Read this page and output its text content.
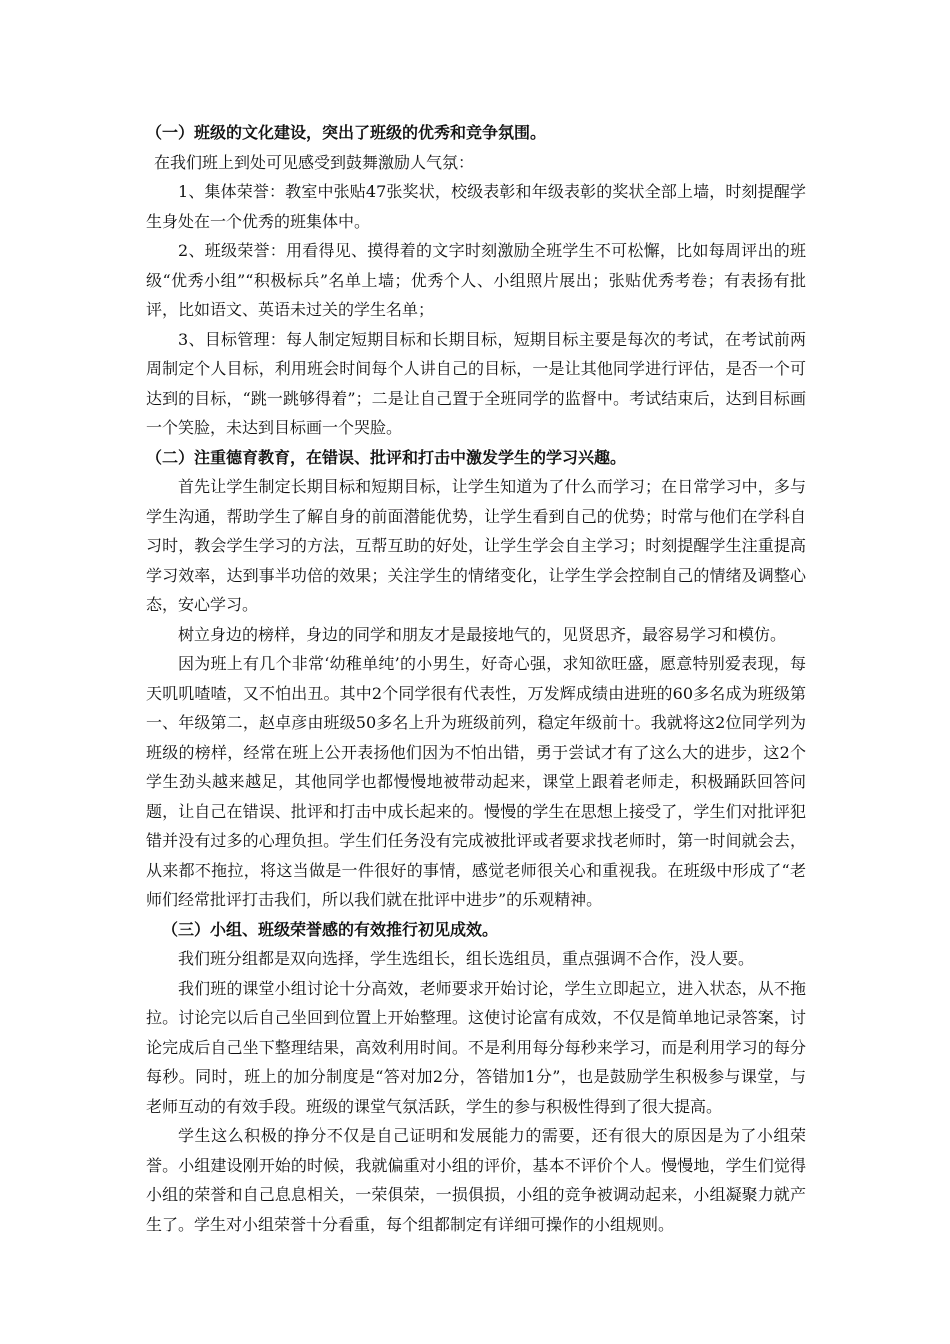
（一）班级的文化建设，突出了班级的优秀和竞争氛围。

在我们班上到处可见感受到鼓舞激励人气氛：

1、集体荣誉：教室中张贴47张奖状，校级表彰和年级表彰的奖状全部上墙，时刻提醒学生身处在一个优秀的班集体中。

2、班级荣誉：用看得见、摸得着的文字时刻激励全班学生不可松懈，比如每周评出的班级“优秀小组”“积极标兵”名单上墙；优秀个人、小组照片展出；张贴优秀考卷；有表扬有批评，比如语文、英语未过关的学生名单；

3、目标管理：每人制定短期目标和长期目标，短期目标主要是每次的考试，在考试前两周制定个人目标，利用班会时间每个人讲自己的目标，一是让其他同学进行评估，是否一个可达到的目标，“跳一跳够得着”；二是让自己置于全班同学的监督中。考试结束后，达到目标画一个笑脸，未达到目标画一个哭脸。

（二）注重德育教育，在错误、批评和打击中激发学生的学习兴趣。

首先让学生制定长期目标和短期目标，让学生知道为了什么而学习；在日常学习中，多与学生沟通，帮助学生了解自身的前面潜能优势，让学生看到自己的优势；时常与他们在学科自习时，教会学生学习的方法，互帮互助的好处，让学生学会自主学习；时刻提醒学生注重提高学习效率，达到事半功倍的效果；关注学生的情绪变化，让学生学会控制自己的情绪及调整心态，安心学习。

树立身边的榜样，身边的同学和朋友才是最接地气的，见贤思齐，最容易学习和模仿。

因为班上有几个非常‘幼稚单纯’的小男生，好奇心强，求知欲旺盛，愿意特别爱表现，每天叽叽喳喳，又不怕出丑。其中2个同学很有代表性，万发辉成绩由进班的60多名成为班级第一、年级第二，赵卓彦由班级50多名上升为班级前列，稳定年级前十。我就将这2位同学列为班级的榜样，经常在班上公开表扬他们因为不怕出错，勇于尝试才有了这么大的进步，这2个学生劲头越来越足，其他同学也都慢慢地被带动起来，课堂上跟着老师走，积极踊跃回答问题，让自己在错误、批评和打击中成长起来的。慢慢的学生在思想上接受了，学生们对批评犯错并没有过多的心理负担。学生们任务没有完成被批评或者要求找老师时，第一时间就会去，从来都不拖拉，将这当做是一件很好的事情，感觉老师很关心和重视我。在班级中形成了“老师们经常批评打击我们，所以我们就在批评中进步”的乐观精神。

（三）小组、班级荣誉感的有效推行初见成效。

我们班分组都是双向选择，学生选组长，组长选组员，重点强调不合作，没人要。

我们班的课堂小组讨论十分高效，老师要求开始讨论，学生立即起立，进入状态，从不拖拉。讨论完以后自己坐回到位置上开始整理。这使讨论富有成效，不仅是简单地记录答案，讨论完成后自己坐下整理结果，高效利用时间。不是利用每分每秒来学习，而是利用学习的每分每秒。同时，班上的加分制度是“答对加2分，答错加1分”，也是鼓励学生积极参与课堂，与老师互动的有效手段。班级的课堂气氛活跃，学生的参与积极性得到了很大提高。

学生这么积极的挣分不仅是自己证明和发展能力的需要，还有很大的原因是为了小组荣誉。小组建设刚开始的时候，我就偏重对小组的评价，基本不评价个人。慢慢地，学生们觉得小组的荣誉和自己息息相关，一荣俱荣，一损俱损，小组的竞争被调动起来，小组凝聚力就产生了。学生对小组荣誉十分看重，每个组都制定有详细可操作的小组规则。
